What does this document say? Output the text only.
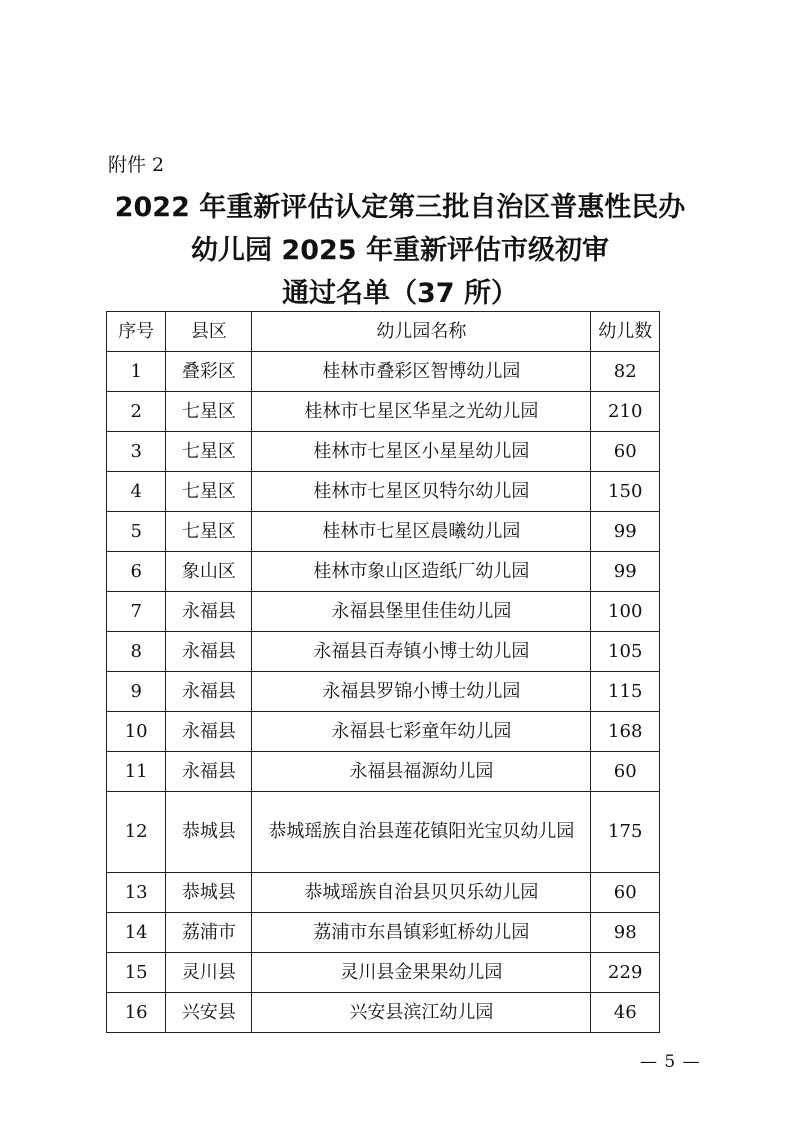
附件 2
2022 年重新评估认定第三批自治区普惠性民办
幼儿园 2025 年重新评估市级初审
通过名单（37 所）
序号	县区	幼儿园名称	幼儿数
1	叠彩区	桂林市叠彩区智博幼儿园	82
2	七星区	桂林市七星区华星之光幼儿园	210
3	七星区	桂林市七星区小星星幼儿园	60
4	七星区	桂林市七星区贝特尔幼儿园	150
5	七星区	桂林市七星区晨曦幼儿园	99
6	象山区	桂林市象山区造纸厂幼儿园	99
7	永福县	永福县堡里佳佳幼儿园	100
8	永福县	永福县百寿镇小博士幼儿园	105
9	永福县	永福县罗锦小博士幼儿园	115
10	永福县	永福县七彩童年幼儿园	168
11	永福县	永福县福源幼儿园	60
12	恭城县	恭城瑶族自治县莲花镇阳光宝贝幼儿园	175
13	恭城县	恭城瑶族自治县贝贝乐幼儿园	60
14	荔浦市	荔浦市东昌镇彩虹桥幼儿园	98
15	灵川县	灵川县金果果幼儿园	229
16	兴安县	兴安县滨江幼儿园	46
— 5 —
